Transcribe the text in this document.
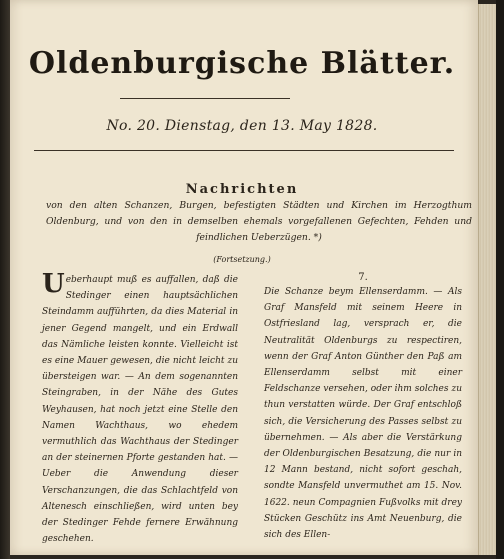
Oldenburgische Blätter.
No. 20. Dienstag, den 13. May 1828.
Nachrichten
von den alten Schanzen, Burgen, befestigten Städten und Kirchen im Herzogthum Oldenburg, und von den in demselben ehemals vorgefallenen Gefechten, Fehden und feindlichen Ueberzügen. *)
(Fortsetzung.)
Ueberhaupt muß es auffallen, daß die Stedinger einen hauptsächlichen Steindamm aufführten, da dies Material in jener Gegend mangelt, und ein Erdwall das Nämliche leisten konnte. Vielleicht ist es eine Mauer gewesen, die nicht leicht zu übersteigen war. — An dem sogenannten Steingraben, in der Nähe des Gutes Weyhausen, hat noch jetzt eine Stelle den Namen Wachthaus, wo ehedem vermuthlich das Wachthaus der Stedinger an der steinernen Pforte gestanden hat. — Ueber die Anwendung dieser Verschanzungen, die das Schlachtfeld von Altenesch einschließen, wird unten bey der Stedinger Fehde fernere Erwähnung geschehen.
7.
Die Schanze beym Ellenserdamm. — Als Graf Mansfeld mit seinem Heere in Ostfriesland lag, versprach er, die Neutralität Oldenburgs zu respectiren, wenn der Graf Anton Günther den Paß am Ellenserdamm selbst mit einer Feldschanze versehen, oder ihm solches zu thun verstatten würde. Der Graf entschloß sich, die Versicherung des Passes selbst zu übernehmen. — Als aber die Verstärkung der Oldenburgischen Besatzung, die nur in 12 Mann bestand, nicht sofort geschah, sondte Mansfeld unvermuthet am 15. Nov. 1622. neun Compagnien Fußvolks mit drey Stücken Geschütz ins Amt Neuenburg, die sich des Ellen-
